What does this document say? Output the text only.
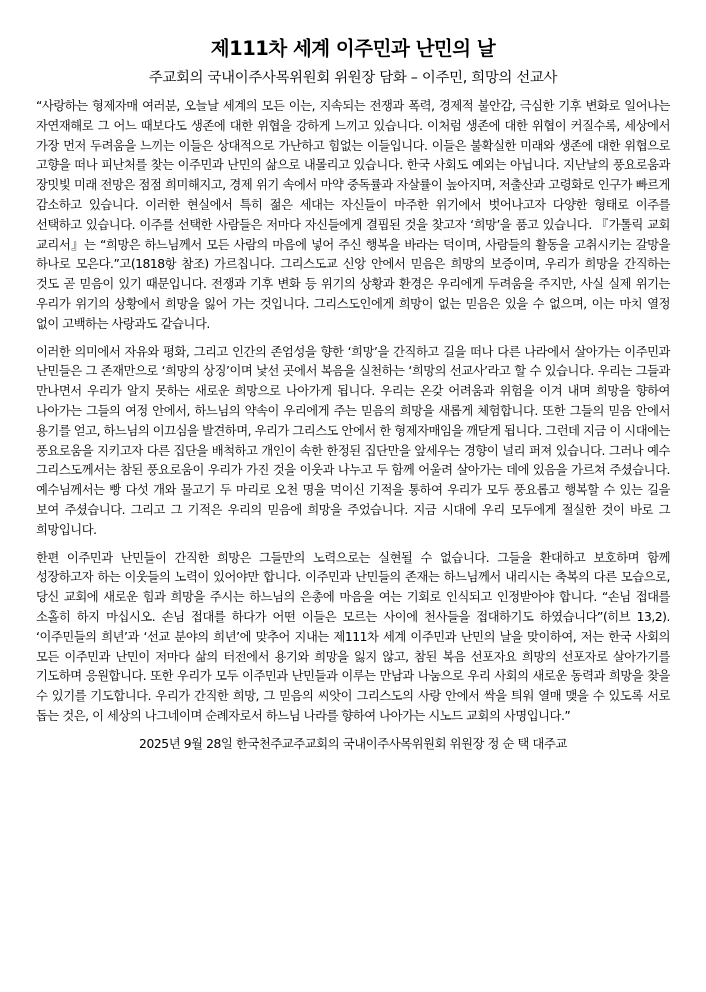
제111차 세계 이주민과 난민의 날
주교회의 국내이주사목위원회 위원장 담화 – 이주민, 희망의 선교사

“사랑하는 형제자매 여러분, 오늘날 세계의 모든 이는, 지속되는 전쟁과 폭력, 경제적 불안감, 극심한 기후 변화로 일어나는 자연재해로 그 어느 때보다도 생존에 대한 위협을 강하게 느끼고 있습니다. 이처럼 생존에 대한 위협이 커질수록, 세상에서 가장 먼저 두려움을 느끼는 이들은 상대적으로 가난하고 힘없는 이들입니다. 이들은 불확실한 미래와 생존에 대한 위협으로 고향을 떠나 피난처를 찾는 이주민과 난민의 삶으로 내몰리고 있습니다. 한국 사회도 예외는 아닙니다. 지난날의 풍요로움과 장밋빛 미래 전망은 점점 희미해지고, 경제 위기 속에서 마약 중독률과 자살률이 높아지며, 저출산과 고령화로 인구가 빠르게 감소하고 있습니다. 이러한 현실에서 특히 젊은 세대는 자신들이 마주한 위기에서 벗어나고자 다양한 형태로 이주를 선택하고 있습니다. 이주를 선택한 사람들은 저마다 자신들에게 결핍된 것을 찾고자 ‘희망’을 품고 있습니다. 『가톨릭 교회 교리서』는 “희망은 하느님께서 모든 사람의 마음에 넣어 주신 행복을 바라는 덕이며, 사람들의 활동을 고취시키는 갈망을 하나로 모은다.”고(1818항 참조) 가르칩니다. 그리스도교 신앙 안에서 믿음은 희망의 보증이며, 우리가 희망을 간직하는 것도 곧 믿음이 있기 때문입니다. 전쟁과 기후 변화 등 위기의 상황과 환경은 우리에게 두려움을 주지만, 사실 실제 위기는 우리가 위기의 상황에서 희망을 잃어 가는 것입니다. 그리스도인에게 희망이 없는 믿음은 있을 수 없으며, 이는 마치 열정 없이 고백하는 사랑과도 같습니다.

이러한 의미에서 자유와 평화, 그리고 인간의 존엄성을 향한 ‘희망’을 간직하고 길을 떠나 다른 나라에서 살아가는 이주민과 난민들은 그 존재만으로 ‘희망의 상징’이며 낯선 곳에서 복음을 실천하는 ‘희망의 선교사’라고 할 수 있습니다. 우리는 그들과 만나면서 우리가 알지 못하는 새로운 희망으로 나아가게 됩니다. 우리는 온갖 어려움과 위험을 이겨 내며 희망을 향하여 나아가는 그들의 여정 안에서, 하느님의 약속이 우리에게 주는 믿음의 희망을 새롭게 체험합니다. 또한 그들의 믿음 안에서 용기를 얻고, 하느님의 이끄심을 발견하며, 우리가 그리스도 안에서 한 형제자매임을 깨닫게 됩니다. 그런데 지금 이 시대에는 풍요로움을 지키고자 다른 집단을 배척하고 개인이 속한 한정된 집단만을 앞세우는 경향이 널리 퍼져 있습니다. 그러나 예수 그리스도께서는 참된 풍요로움이 우리가 가진 것을 이웃과 나누고 두 함께 어울려 살아가는 데에 있음을 가르쳐 주셨습니다. 예수님께서는 빵 다섯 개와 물고기 두 마리로 오천 명을 먹이신 기적을 통하여 우리가 모두 풍요롭고 행복할 수 있는 길을 보여 주셨습니다. 그리고 그 기적은 우리의 믿음에 희망을 주었습니다. 지금 시대에 우리 모두에게 절실한 것이 바로 그 희망입니다.

한편 이주민과 난민들이 간직한 희망은 그들만의 노력으로는 실현될 수 없습니다. 그들을 환대하고 보호하며 함께 성장하고자 하는 이웃들의 노력이 있어야만 합니다. 이주민과 난민들의 존재는 하느님께서 내리시는 축복의 다른 모습으로, 당신 교회에 새로운 힘과 희망을 주시는 하느님의 은총에 마음을 여는 기회로 인식되고 인정받아야 합니다. “손님 접대를 소홀히 하지 마십시오. 손님 접대를 하다가 어떤 이들은 모르는 사이에 천사들을 접대하기도 하였습니다”(히브 13,2). ‘이주민들의 희년’과 ‘선교 분야의 희년’에 맞추어 지내는 제111차 세계 이주민과 난민의 날을 맞이하여, 저는 한국 사회의 모든 이주민과 난민이 저마다 삶의 터전에서 용기와 희망을 잃지 않고, 참된 복음 선포자요 희망의 선포자로 살아가기를 기도하며 응원합니다. 또한 우리가 모두 이주민과 난민들과 이루는 만남과 나눔으로 우리 사회의 새로운 동력과 희망을 찾을 수 있기를 기도합니다. 우리가 간직한 희망, 그 믿음의 씨앗이 그리스도의 사랑 안에서 싹을 틔워 열매 맺을 수 있도록 서로 돕는 것은, 이 세상의 나그네이며 순례자로서 하느님 나라를 향하여 나아가는 시노드 교회의 사명입니다.”

2025년 9월 28일 한국천주교주교회의 국내이주사목위원회 위원장 정 순 택 대주교
